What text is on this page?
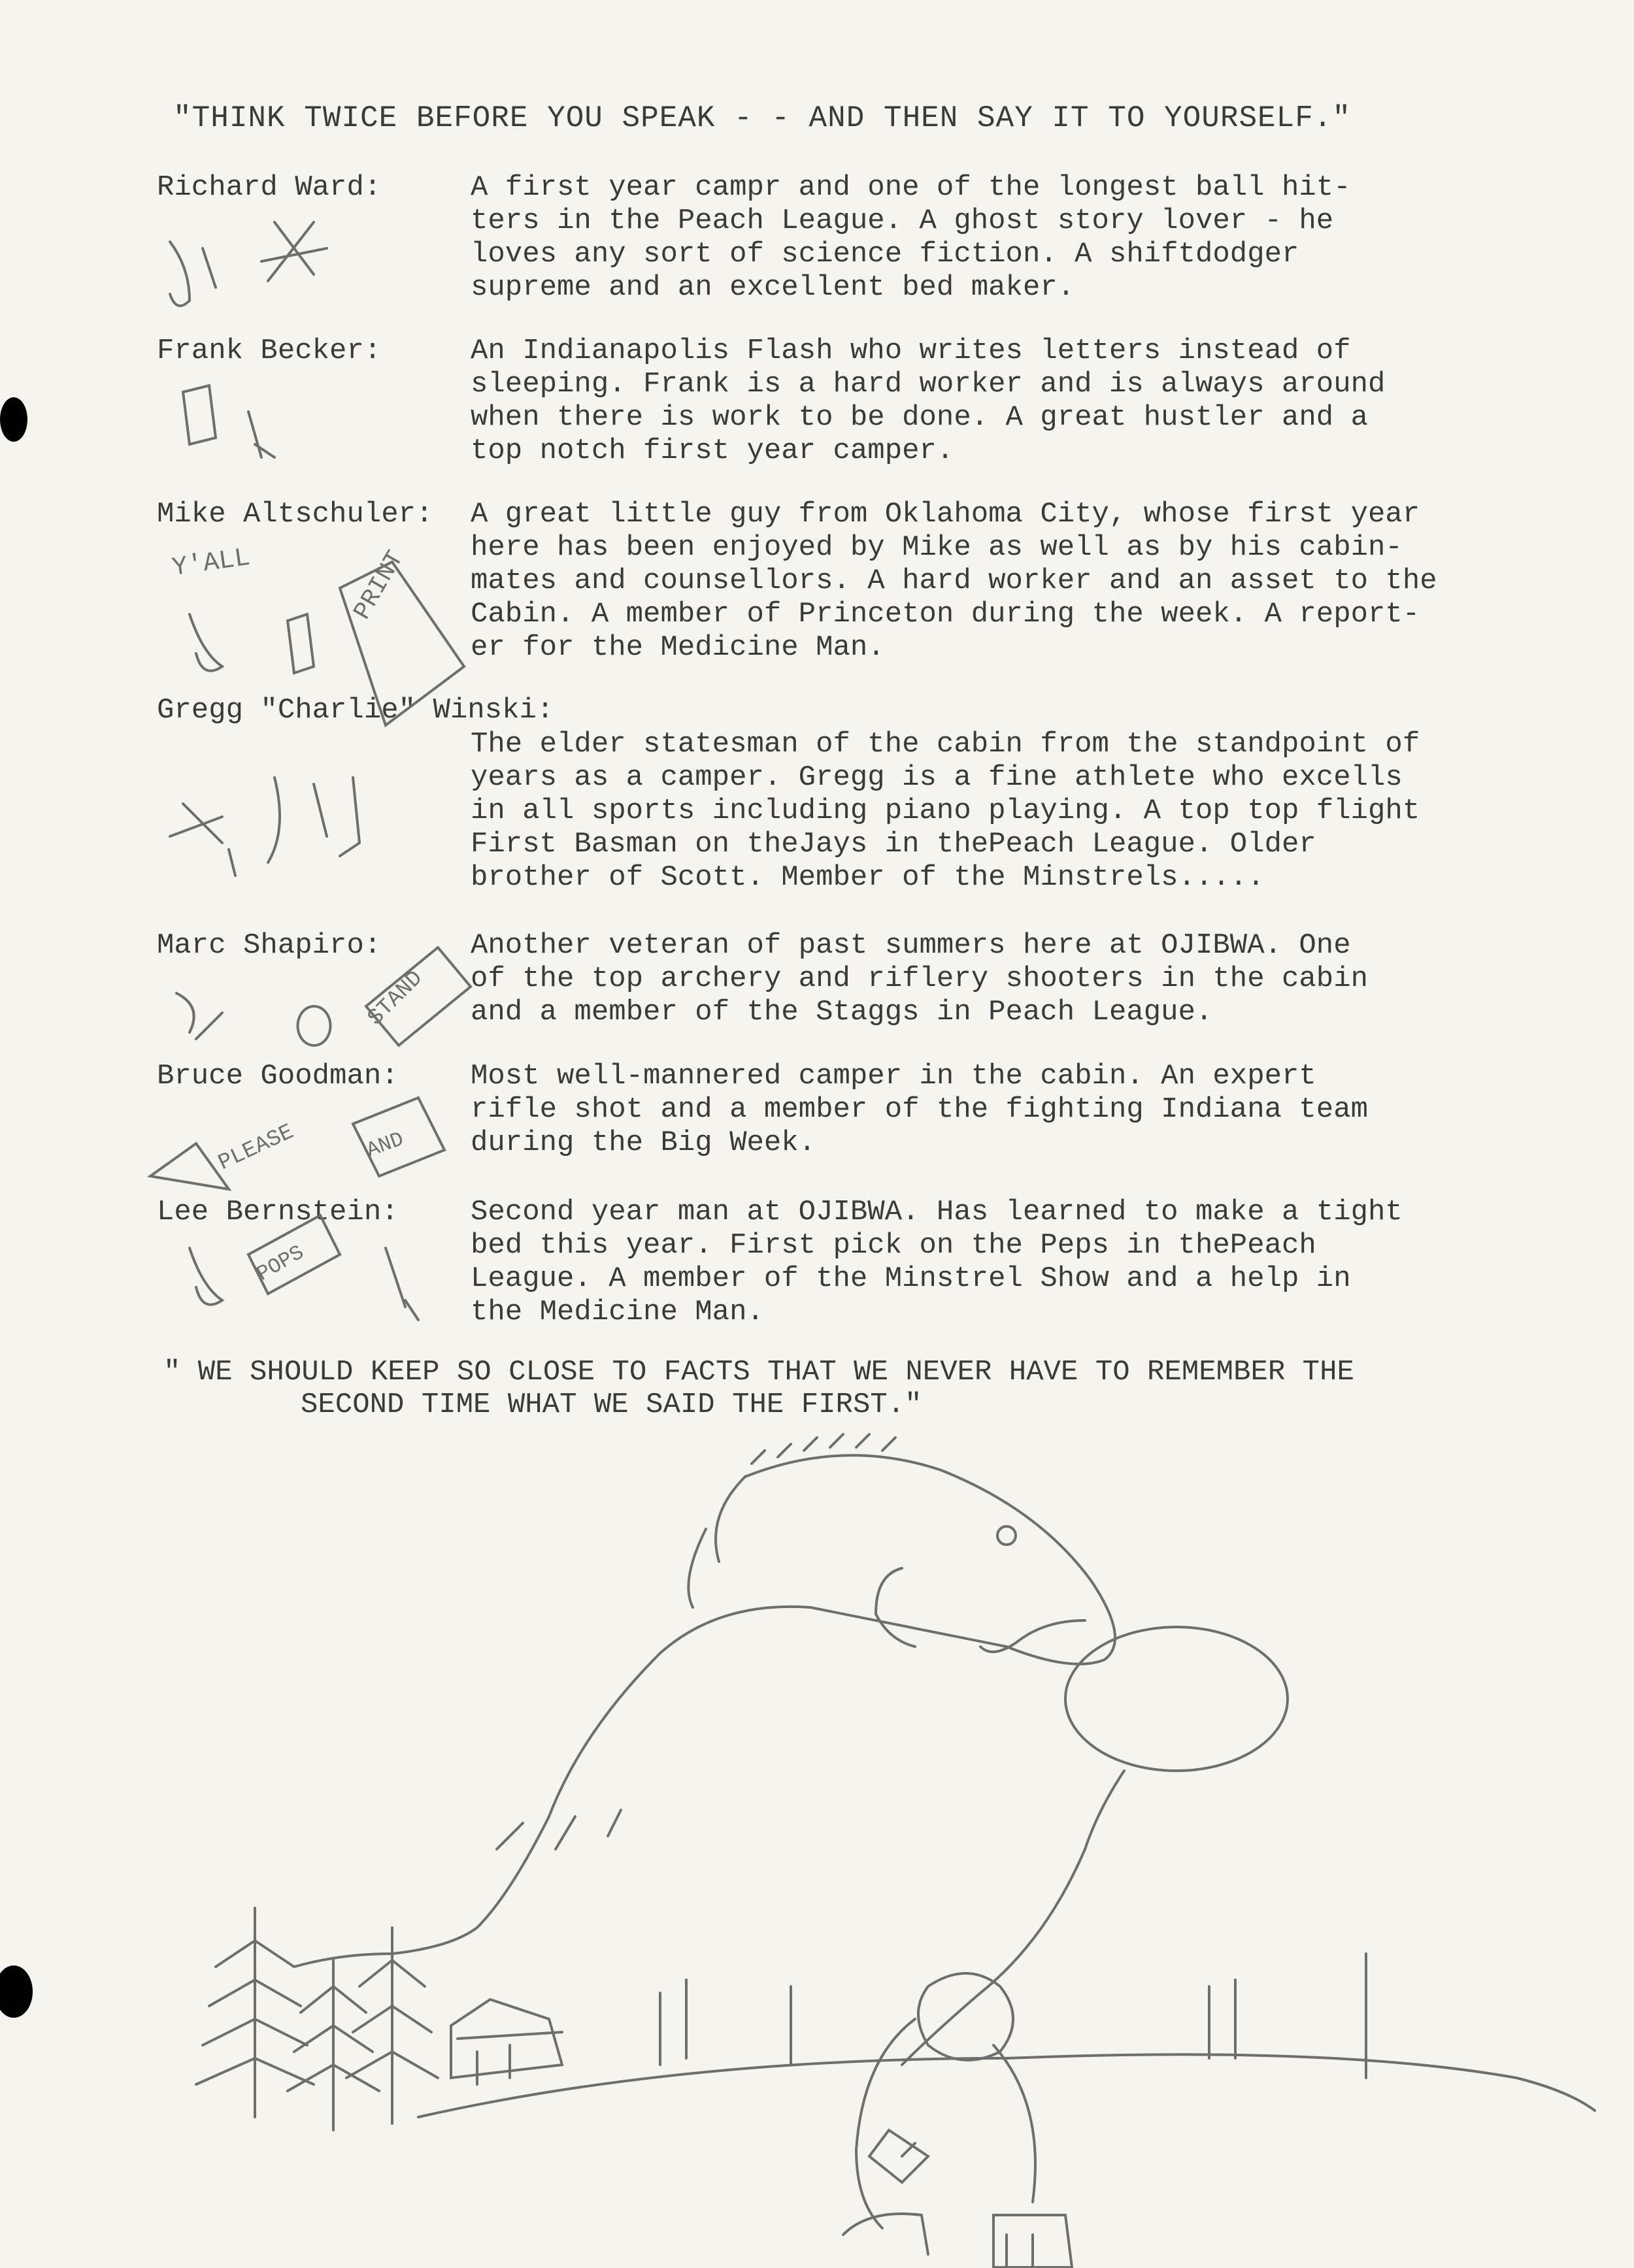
"THINK TWICE BEFORE YOU SPEAK - - AND THEN SAY IT TO YOURSELF."
Richard Ward:	A first year campr and one of the longest ball hit-
ters in the Peach League. A ghost story lover - he
loves any sort of science fiction. A shiftdodger
supreme and an excellent bed maker.
Frank Becker:	An Indianapolis Flash who writes letters instead of
sleeping. Frank is a hard worker and is always around
when there is work to be done. A great hustler and a
top notch first year camper.
Mike Altschuler: A great little guy from Oklahoma City, whose first year
here has been enjoyed by Mike as well as by his cabin-
mates and counsellors. A hard worker and an asset to the
Cabin. A member of Princeton during the week. A report-
er for the Medicine Man.
Gregg "Charlie" Winski:
The elder statesman of the cabin from the standpoint of
years as a camper. Gregg is a fine athlete who excells
in all sports including piano playing. A top top flight
First Basman on theJays in thePeach League. Older
brother of Scott. Member of the Minstrels.....
Marc Shapiro:	Another veteran of past summers here at OJIBWA. One
of the top archery and riflery shooters in the cabin
and a member of the Staggs in Peach League.
Bruce Goodman:	Most well-mannered camper in the cabin. An expert
rifle shot and a member of the fighting Indiana team
during the Big Week.
Lee Bernstein:	Second year man at OJIBWA. Has learned to make a tight
bed this year. First pick on the Peps in thePeach
League. A member of the Minstrel Show and a help in
the Medicine Man.
" WE SHOULD KEEP SO CLOSE TO FACTS THAT WE NEVER HAVE TO REMEMBER THE
SECOND TIME WHAT WE SAID THE FIRST."
Y'ALL	PRINT
STAND
PLEASE	AND
POPS
